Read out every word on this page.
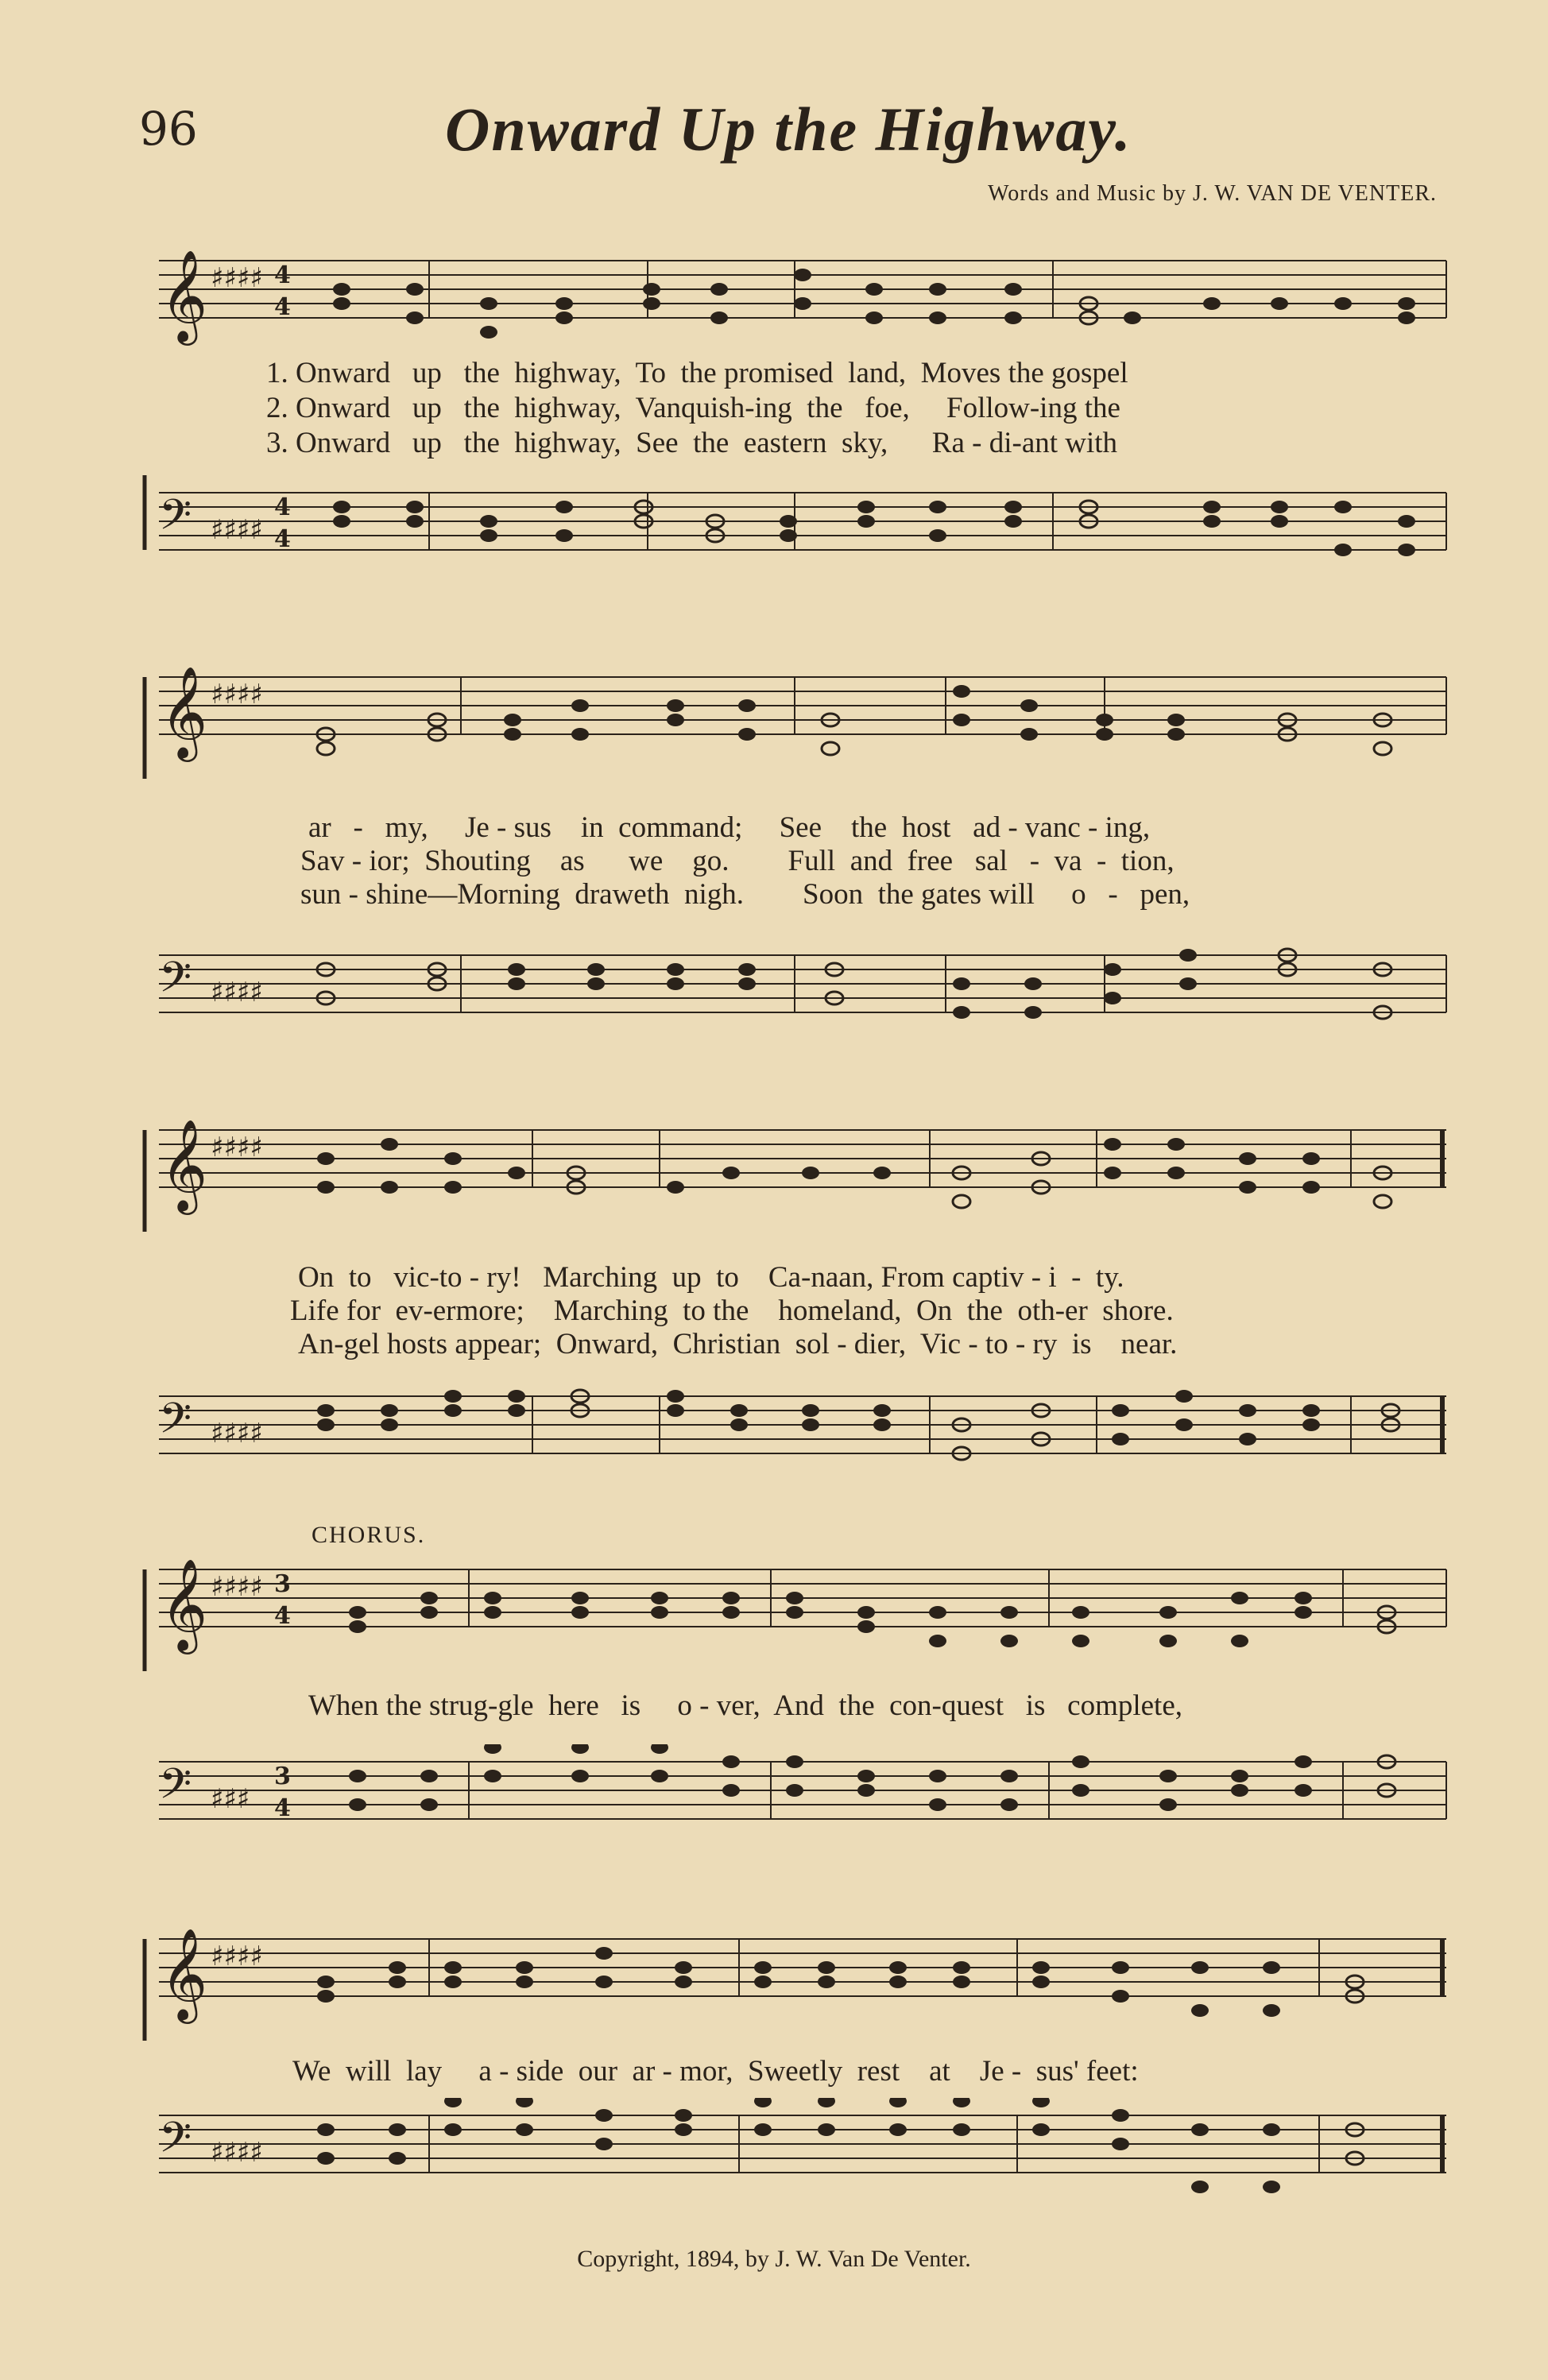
96	Onward Up the Highway.
Words and Music by J. W. VAN DE VENTER.
𝄞 ♯♯♯♯ 4
4
1. Onward   up   the  highway,  To  the promised  land,  Moves the gospel
2. Onward   up   the  highway,  Vanquish-ing  the   foe,     Follow-ing the
3. Onward   up   the  highway,  See  the  eastern  sky,      Ra - di-ant with
𝄢 ♯♯♯♯
4
4
𝄞 ♯♯♯♯
ar   -   my,     Je - sus    in  command;     See    the  host   ad - vanc - ing,
Sav - ior;  Shouting    as      we    go.        Full  and  free   sal   -  va  -  tion,
sun - shine—Morning  draweth  nigh.        Soon  the gates will     o   -   pen,
𝄢 ♯♯♯♯
𝄞 ♯♯♯♯
On  to   vic-to - ry!   Marching  up  to    Ca-naan, From captiv - i  -  ty.
Life for  ev-ermore;    Marching  to the    homeland,  On  the  oth-er  shore.
An-gel hosts appear;  Onward,  Christian  sol - dier,  Vic - to - ry  is    near.
𝄢 ♯♯♯♯
CHORUS.
𝄞 ♯♯♯♯ 3
4
When the strug-gle  here   is     o - ver,  And  the  con-quest   is   complete,
𝄢 ♯♯♯
3
4
𝄞 ♯♯♯♯
We  will  lay     a - side  our  ar - mor,  Sweetly  rest    at    Je -  sus' feet:
𝄢 ♯♯♯♯
Copyright, 1894, by J. W. Van De Venter.
